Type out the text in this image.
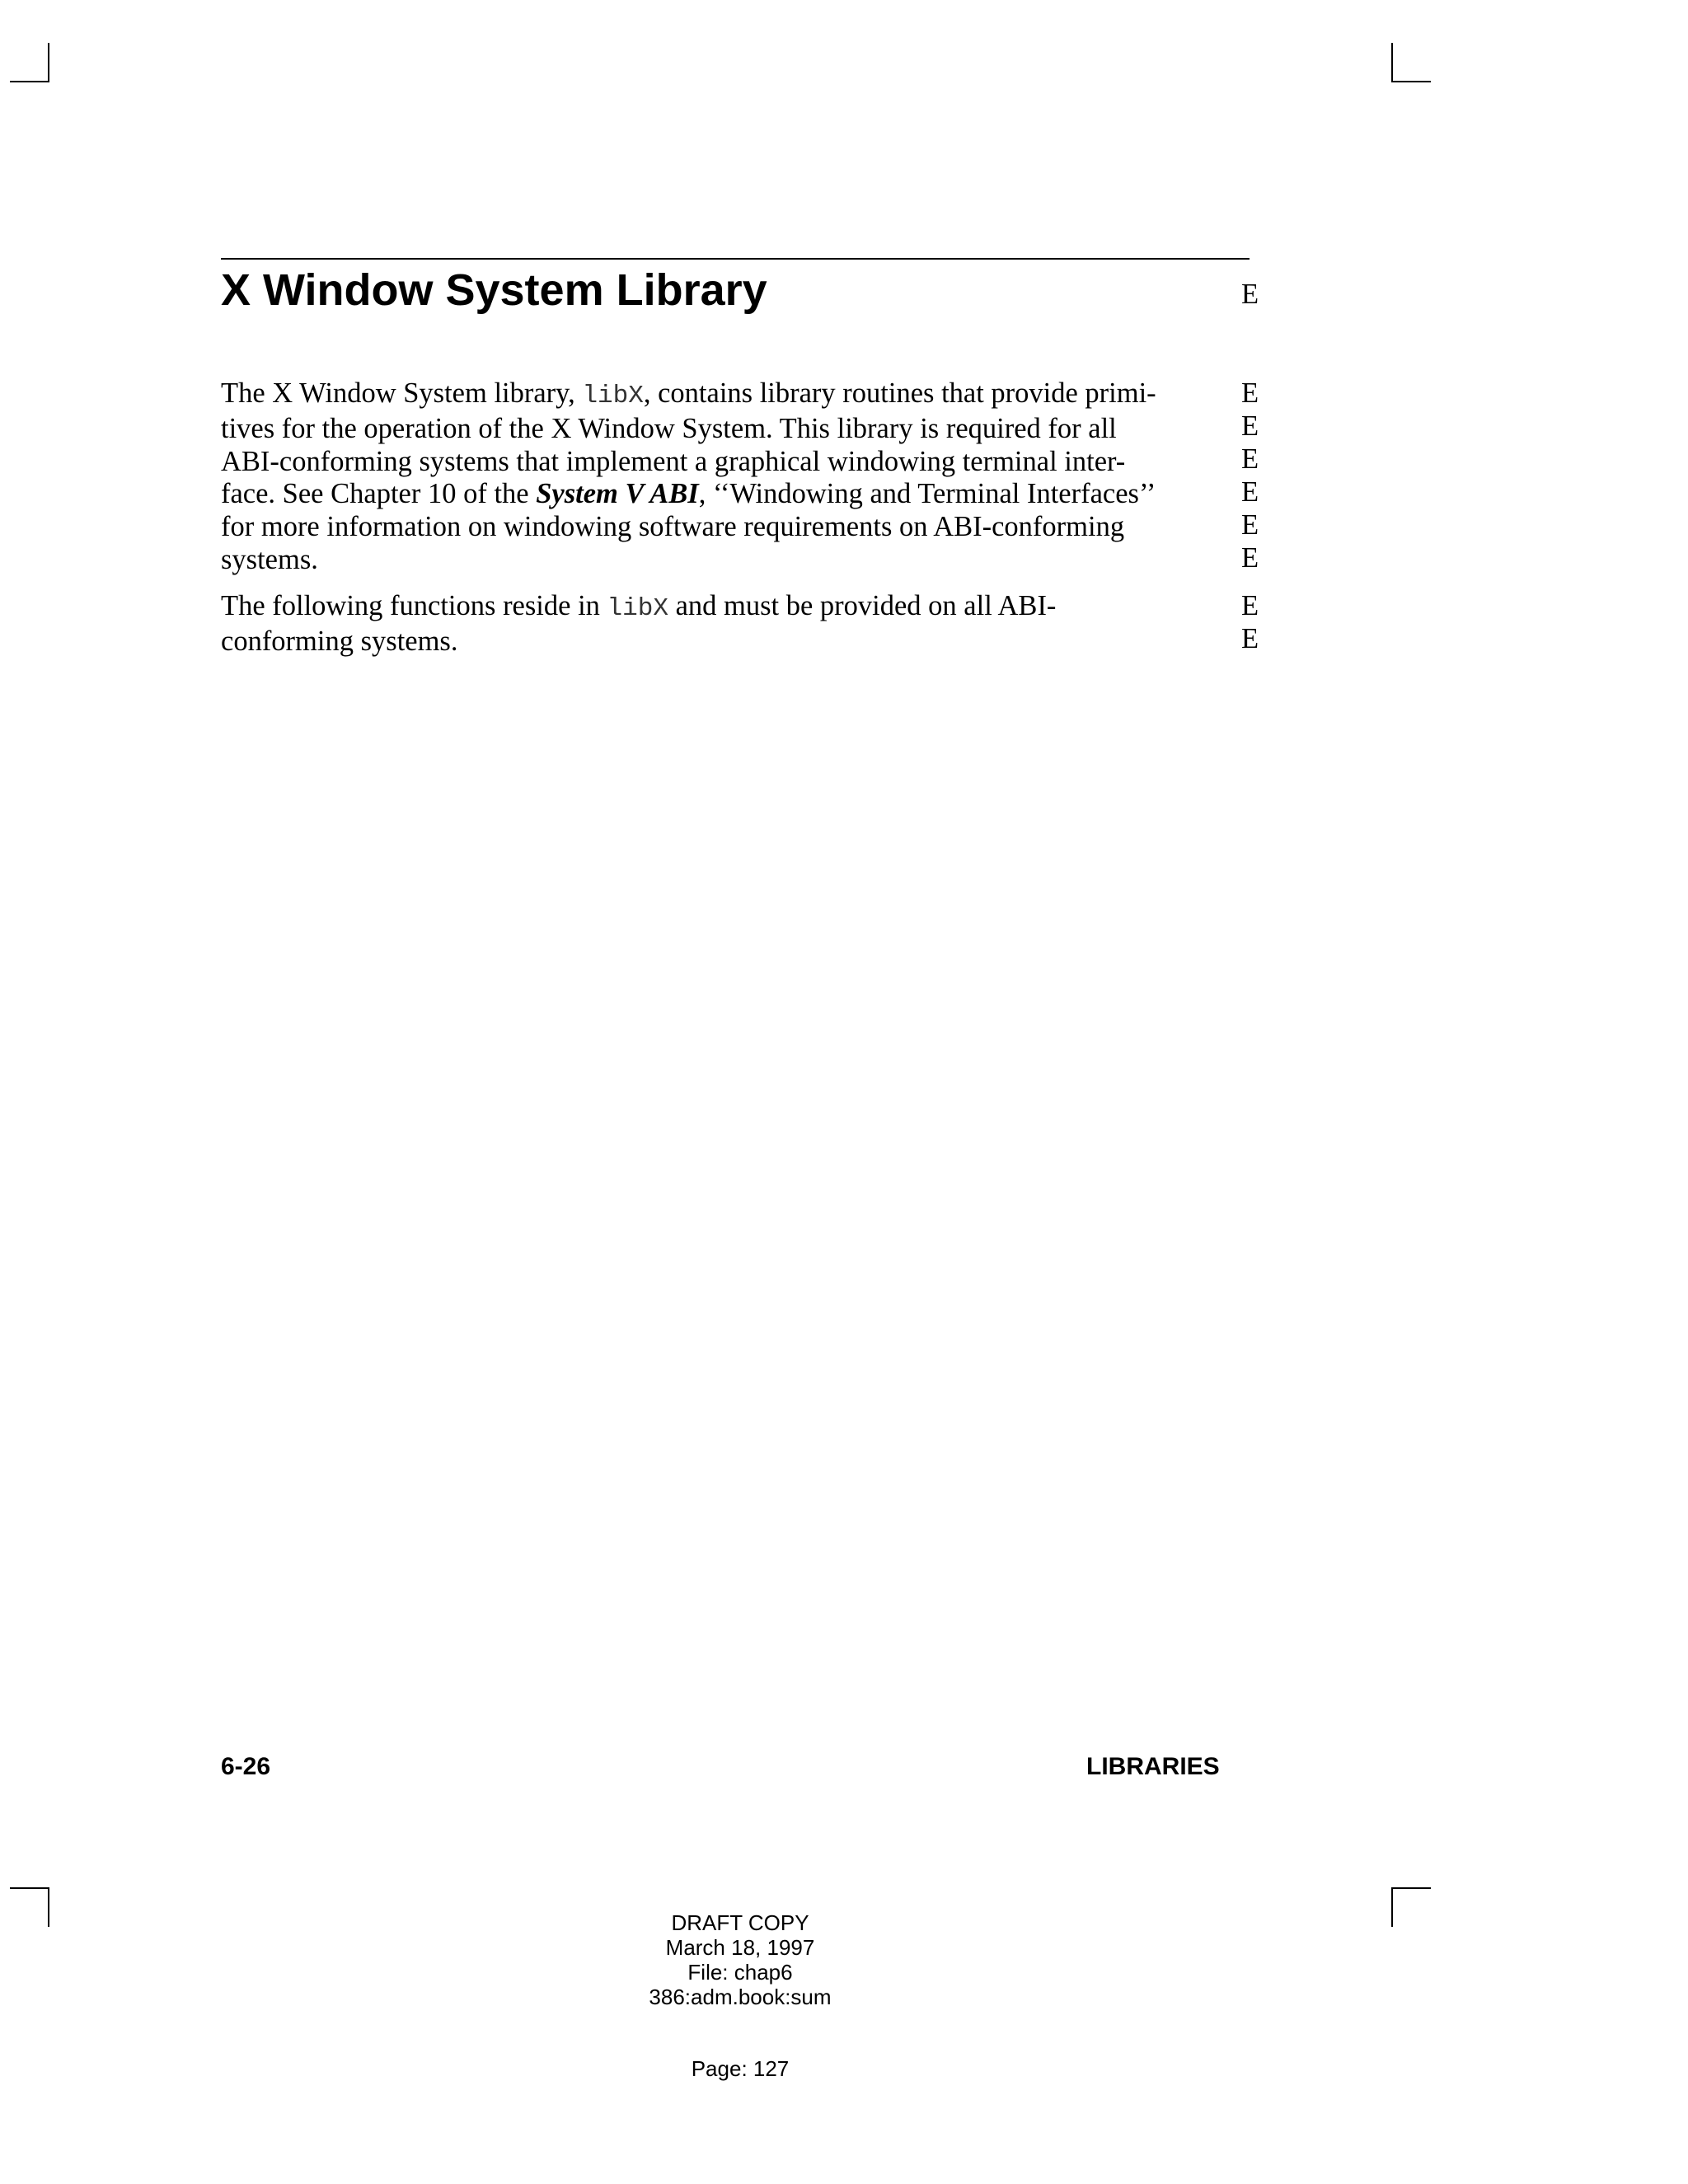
X Window System Library	E

The X Window System library, libX, contains library routines that provide primi-
tives for the operation of the X Window System. This library is required for all
ABI-conforming systems that implement a graphical windowing terminal inter-
face. See Chapter 10 of the System V ABI, ‘‘Windowing and Terminal Interfaces’’
for more information on windowing software requirements on ABI-conforming
systems.

E
E
E
E
E
E

The following functions reside in libX and must be provided on all ABI-
conforming systems.

E
E
6-26	LIBRARIES
DRAFT COPY
March 18, 1997
File: chap6
386:adm.book:sum
Page: 127
